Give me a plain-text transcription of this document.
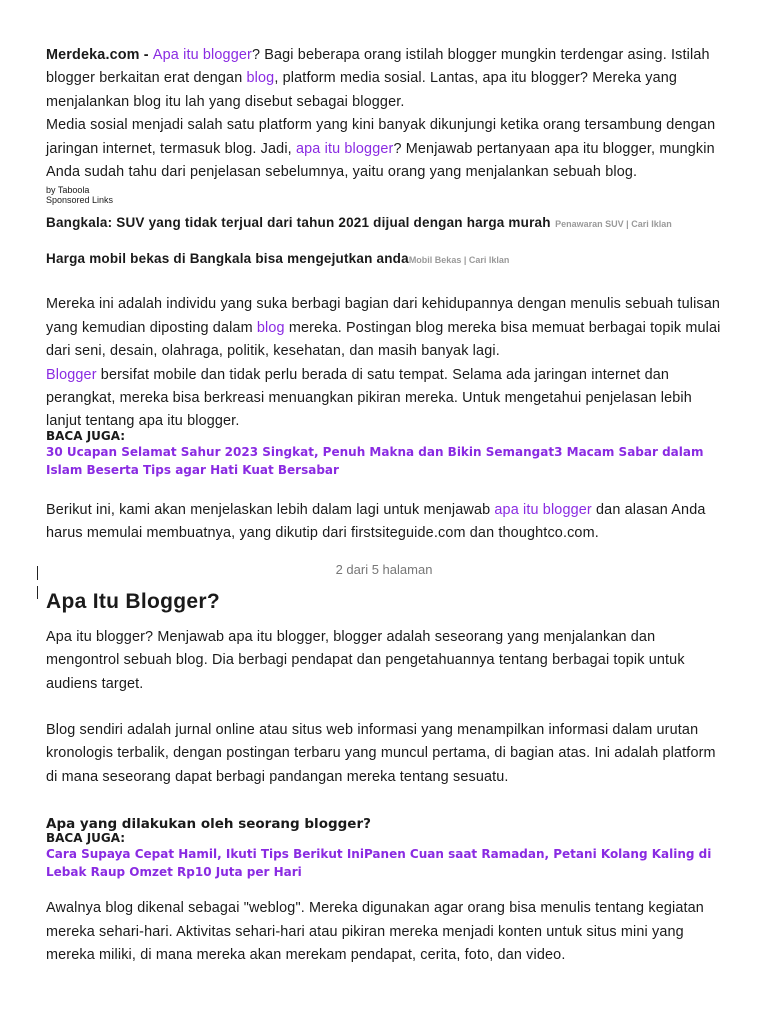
Merdeka.com - Apa itu blogger? Bagi beberapa orang istilah blogger mungkin terdengar asing. Istilah blogger berkaitan erat dengan blog, platform media sosial. Lantas, apa itu blogger? Mereka yang menjalankan blog itu lah yang disebut sebagai blogger.

Media sosial menjadi salah satu platform yang kini banyak dikunjungi ketika orang tersambung dengan jaringan internet, termasuk blog. Jadi, apa itu blogger? Menjawab pertanyaan apa itu blogger, mungkin Anda sudah tahu dari penjelasan sebelumnya, yaitu orang yang menjalankan sebuah blog.

by Taboola

Sponsored Links

Bangkala: SUV yang tidak terjual dari tahun 2021 dijual dengan harga murah Penawaran SUV | Cari Iklan
Harga mobil bekas di Bangkala bisa mengejutkan andaMobil Bekas | Cari Iklan

Mereka ini adalah individu yang suka berbagi bagian dari kehidupannya dengan menulis sebuah tulisan yang kemudian diposting dalam blog mereka. Postingan blog mereka bisa memuat berbagai topik mulai dari seni, desain, olahraga, politik, kesehatan, dan masih banyak lagi.

Blogger bersifat mobile dan tidak perlu berada di satu tempat. Selama ada jaringan internet dan perangkat, mereka bisa berkreasi menuangkan pikiran mereka. Untuk mengetahui penjelasan lebih lanjut tentang apa itu blogger.

BACA JUGA:

30 Ucapan Selamat Sahur 2023 Singkat, Penuh Makna dan Bikin Semangat3 Macam Sabar dalam Islam Beserta Tips agar Hati Kuat Bersabar

Berikut ini, kami akan menjelaskan lebih dalam lagi untuk menjawab apa itu blogger dan alasan Anda harus memulai membuatnya, yang dikutip dari firstsiteguide.com dan thoughtco.com.

2 dari 5 halaman
Apa Itu Blogger?

Apa itu blogger? Menjawab apa itu blogger, blogger adalah seseorang yang menjalankan dan mengontrol sebuah blog. Dia berbagi pendapat dan pengetahuannya tentang berbagai topik untuk audiens target.

Blog sendiri adalah jurnal online atau situs web informasi yang menampilkan informasi dalam urutan kronologis terbalik, dengan postingan terbaru yang muncul pertama, di bagian atas. Ini adalah platform di mana seseorang dapat berbagi pandangan mereka tentang sesuatu.

Apa yang dilakukan oleh seorang blogger?

BACA JUGA:

Cara Supaya Cepat Hamil, Ikuti Tips Berikut IniPanen Cuan saat Ramadan, Petani Kolang Kaling di Lebak Raup Omzet Rp10 Juta per Hari

Awalnya blog dikenal sebagai "weblog". Mereka digunakan agar orang bisa menulis tentang kegiatan mereka sehari-hari. Aktivitas sehari-hari atau pikiran mereka menjadi konten untuk situs mini yang mereka miliki, di mana mereka akan merekam pendapat, cerita, foto, dan video.
